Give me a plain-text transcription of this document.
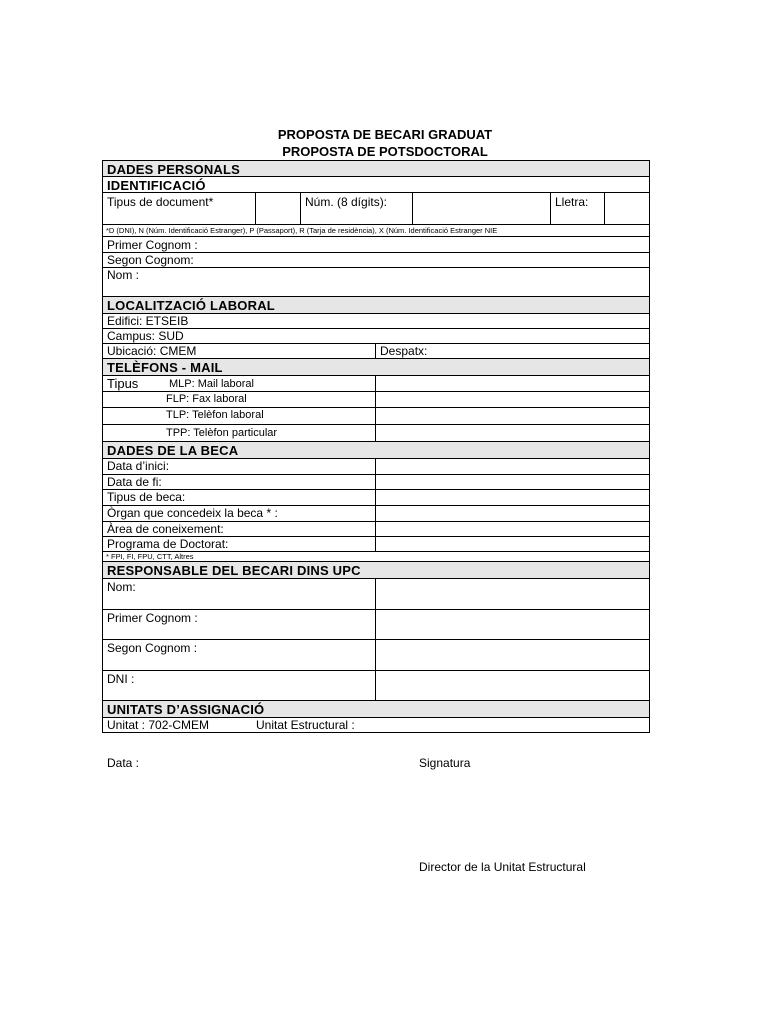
PROPOSTA DE BECARI GRADUAT
PROPOSTA DE POTSDOCTORAL
DADES PERSONALS
IDENTIFICACIÓ
Tipus de document*	Núm. (8 dígits):	Lletra:
*D (DNI), N (Núm. Identificació Estranger), P (Passaport), R (Tarja de residència), X (Núm. Identificació Estranger NIE
Primer Cognom :
Segon Cognom:
Nom :
LOCALITZACIÓ LABORAL
Edifici: ETSEIB
Campus: SUD
Ubicació: CMEM	Despatx:
TELÈFONS - MAIL
Tipus	MLP: Mail laboral
FLP: Fax laboral
TLP: Telèfon laboral
TPP: Telèfon particular
DADES DE LA BECA
Data d’inici:
Data de fi:
Tipus de beca:
Òrgan que concedeix la beca * :
Àrea de coneixement:
Programa de Doctorat:
* FPI, FI, FPU, CTT, Altres
RESPONSABLE DEL BECARI DINS UPC
Nom:
Primer Cognom :
Segon Cognom :
DNI :
UNITATS D’ASSIGNACIÓ
Unitat : 702-CMEM	Unitat Estructural :
Data :	Signatura
Director de la Unitat Estructural
